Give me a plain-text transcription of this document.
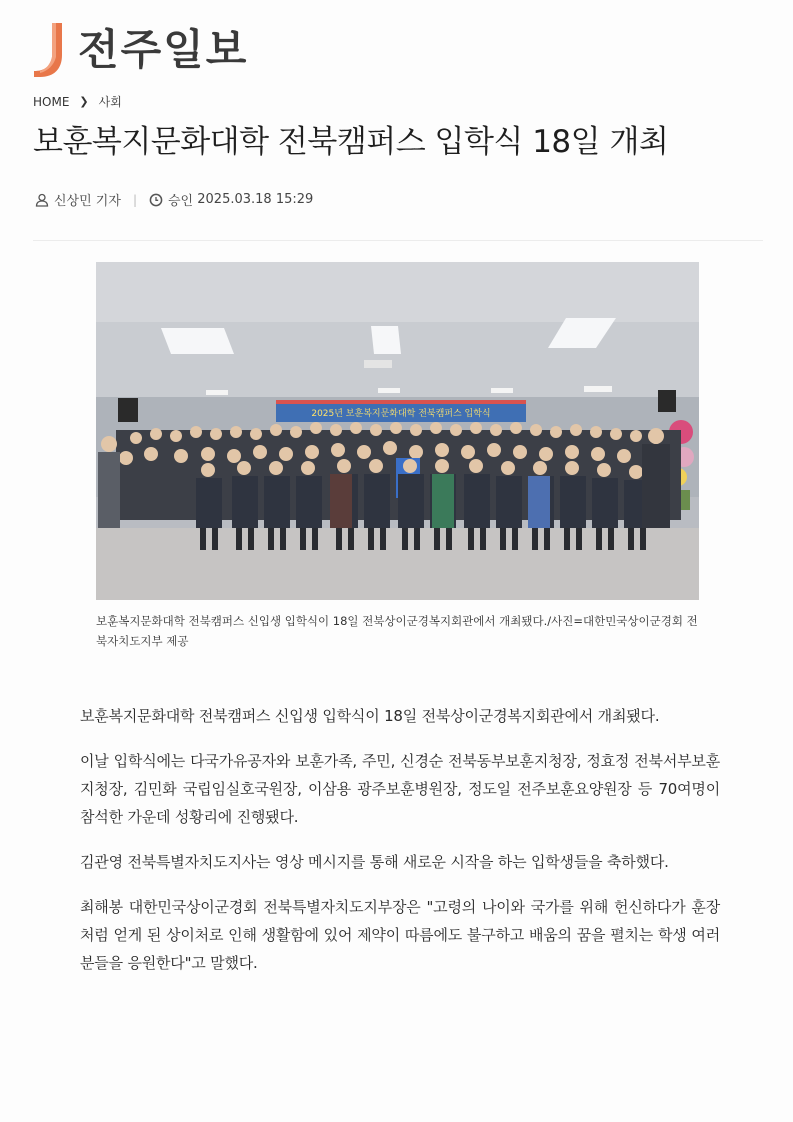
전주일보
HOME ❯ 사회
보훈복지문화대학 전북캠퍼스 입학식 18일 개최
신상민 기자 | 승인
2025.03.18 15:29
2025년 보훈복지문화대학 전북캠퍼스 입학식

보훈복지문화대학 전북캠퍼스 신입생 입학식이 18일 전북상이군경복지회관에서 개최됐다./사진=대한민국상이군경회 전북자치도지부 제공

보훈복지문화대학 전북캠퍼스 신입생 입학식이 18일 전북상이군경복지회관에서 개최됐다.

이날 입학식에는 다국가유공자와 보훈가족, 주민, 신경순 전북동부보훈지청장, 정효정 전북서부보훈지청장, 김민화 국립임실호국원장, 이삼용 광주보훈병원장, 정도일 전주보훈요양원장 등 70여명이 참석한 가운데 성황리에 진행됐다.

김관영 전북특별자치도지사는 영상 메시지를 통해 새로운 시작을 하는 입학생들을 축하했다.

최해봉 대한민국상이군경회 전북특별자치도지부장은 "고령의 나이와 국가를 위해 헌신하다가 훈장처럼 얻게 된 상이처로 인해 생활함에 있어 제약이 따름에도 불구하고 배움의 꿈을 펼치는 학생 여러분들을 응원한다"고 말했다.
